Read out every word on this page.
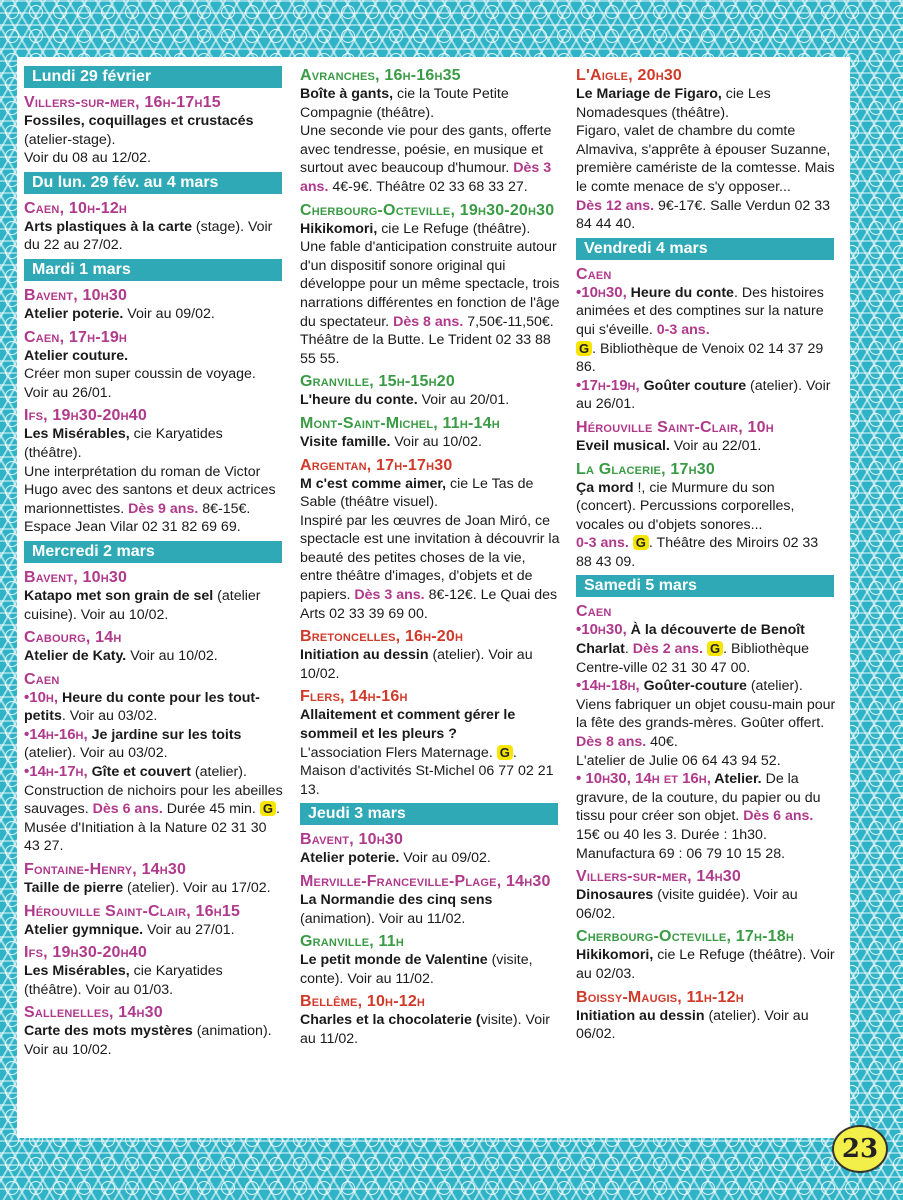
Lundi 29 février
Villers-sur-mer, 16h-17h15
Fossiles, coquillages et crustacés (atelier-stage).
Voir du 08 au 12/02.
Du lun. 29 fév. au 4 mars
Caen, 10h-12h
Arts plastiques à la carte (stage). Voir du 22 au 27/02.
Mardi 1 mars
Bavent, 10h30
Atelier poterie. Voir au 09/02.
Caen, 17h-19h
Atelier couture.
Créer mon super coussin de voyage. Voir au 26/01.
Ifs, 19h30-20h40
Les Misérables, cie Karyatides (théâtre).
Une interprétation du roman de Victor Hugo avec des santons et deux actrices marionnettistes. Dès 9 ans. 8€-15€. Espace Jean Vilar 02 31 82 69 69.
Mercredi 2 mars
Bavent, 10h30
Katapo met son grain de sel (atelier cuisine). Voir au 10/02.
Cabourg, 14h
Atelier de Katy. Voir au 10/02.
Caen
•10h, Heure du conte pour les tout-petits. Voir au 03/02.
•14h-16h, Je jardine sur les toits (atelier). Voir au 03/02.
•14h-17h, Gîte et couvert (atelier). Construction de nichoirs pour les abeilles sauvages. Dès 6 ans. Durée 45 min. G . Musée d'Initiation à la Nature 02 31 30 43 27.
Fontaine-Henry, 14h30
Taille de pierre (atelier). Voir au 17/02.
Hérouville Saint-Clair, 16h15
Atelier gymnique. Voir au 27/01.
Ifs, 19h30-20h40
Les Misérables, cie Karyatides (théâtre). Voir au 01/03.
Sallenelles, 14h30
Carte des mots mystères (animation). Voir au 10/02.
Avranches, 16h-16h35
Boîte à gants, cie la Toute Petite Compagnie (théâtre).
Une seconde vie pour des gants, offerte avec tendresse, poésie, en musique et surtout avec beaucoup d'humour. Dès 3 ans. 4€-9€. Théâtre 02 33 68 33 27.
Cherbourg-Octeville, 19h30-20h30
Hikikomori, cie Le Refuge (théâtre). Une fable d'anticipation construite autour d'un dispositif sonore original qui développe pour un même spectacle, trois narrations différentes en fonction de l'âge du spectateur. Dès 8 ans. 7,50€-11,50€. Théâtre de la Butte. Le Trident 02 33 88 55 55.
Granville, 15h-15h20
L'heure du conte. Voir au 20/01.
Mont-Saint-Michel, 11h-14h
Visite famille. Voir au 10/02.
Argentan, 17h-17h30
M c'est comme aimer, cie Le Tas de Sable (théâtre visuel).
Inspiré par les œuvres de Joan Miró, ce spectacle est une invitation à découvrir la beauté des petites choses de la vie, entre théâtre d'images, d'objets et de papiers. Dès 3 ans. 8€-12€. Le Quai des Arts 02 33 39 69 00.
Bretoncelles, 16h-20h
Initiation au dessin (atelier). Voir au 10/02.
Flers, 14h-16h
Allaitement et comment gérer le sommeil et les pleurs ?
L'association Flers Maternage. G . Maison d'activités St-Michel 06 77 02 21 13.
Jeudi 3 mars
Bavent, 10h30
Atelier poterie. Voir au 09/02.
Merville-Franceville-Plage, 14h30
La Normandie des cinq sens (animation). Voir au 11/02.
Granville, 11h
Le petit monde de Valentine (visite, conte). Voir au 11/02.
Bellême, 10h-12h
Charles et la chocolaterie (visite). Voir au 11/02.
L'Aigle, 20h30
Le Mariage de Figaro, cie Les Nomadesques (théâtre).
Figaro, valet de chambre du comte Almaviva, s'apprête à épouser Suzanne, première camériste de la comtesse. Mais le comte menace de s'y opposer...
Dès 12 ans. 9€-17€. Salle Verdun 02 33 84 44 40.
Vendredi 4 mars
Caen
•10h30, Heure du conte. Des histoires animées et des comptines sur la nature qui s'éveille. 0-3 ans.
G . Bibliothèque de Venoix 02 14 37 29 86.
•17h-19h, Goûter couture (atelier). Voir au 26/01.
Hérouville Saint-Clair, 10h
Eveil musical. Voir au 22/01.
La Glacerie, 17h30
Ça mord !, cie Murmure du son (concert). Percussions corporelles, vocales ou d'objets sonores...
0-3 ans. G . Théâtre des Miroirs 02 33 88 43 09.
Samedi 5 mars
Caen
•10h30, À la découverte de Benoît Charlat. Dès 2 ans. G . Bibliothèque Centre-ville 02 31 30 47 00.
•14h-18h, Goûter-couture (atelier). Viens fabriquer un objet cousu-main pour la fête des grands-mères. Goûter offert. Dès 8 ans. 40€.
L'atelier de Julie 06 64 43 94 52.
• 10h30, 14h et 16h, Atelier. De la gravure, de la couture, du papier ou du tissu pour créer son objet. Dès 6 ans. 15€ ou 40 les 3. Durée : 1h30. Manufactura 69 : 06 79 10 15 28.
Villers-sur-mer, 14h30
Dinosaures (visite guidée). Voir au 06/02.
Cherbourg-Octeville, 17h-18h
Hikikomori, cie Le Refuge (théâtre). Voir au 02/03.
Boissy-Maugis, 11h-12h
Initiation au dessin (atelier). Voir au 06/02.
23
